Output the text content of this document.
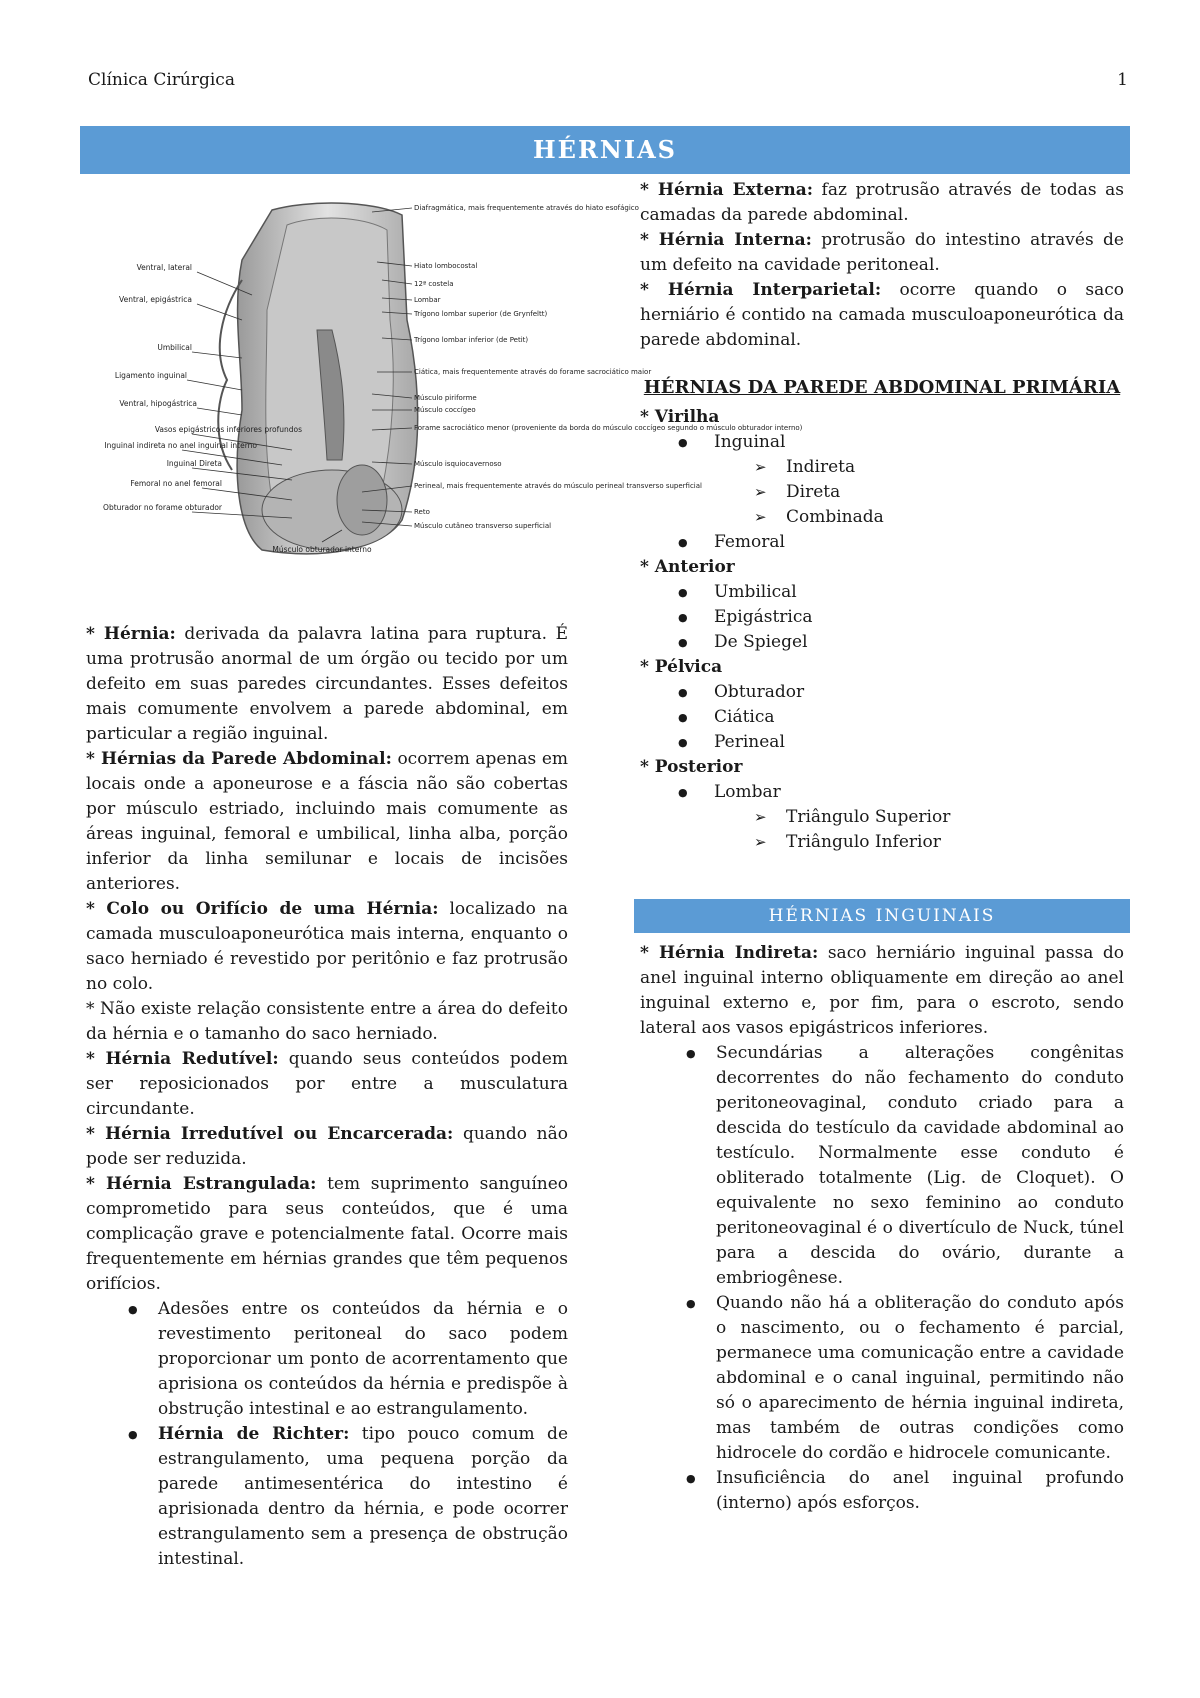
Clínica Cirúrgica	1
HÉRNIAS
Ventral, lateral
Ventral, epigástrica
Umbilical
Ligamento inguinal
Ventral, hipogástrica
Vasos epigástricos inferiores profundos
Inguinal indireta no anel inguinal interno
Inguinal Direta
Femoral no anel femoral
Obturador no forame obturador
Músculo obturador interno
Diafragmática, mais frequentemente através do hiato esofágico
Hiato lombocostal
12ª costela
Lombar
Trígono lombar superior (de Grynfeltt)
Trígono lombar inferior (de Petit)
Ciática, mais frequentemente através do forame sacrociático maior
Músculo piriforme
Músculo coccígeo
Forame sacrociático menor (proveniente da borda do músculo coccígeo segundo o músculo obturador interno)
Músculo isquiocavernoso
Perineal, mais frequentemente através do músculo perineal transverso superficial
Reto
Músculo cutâneo transverso superficial

* Hérnia: derivada da palavra latina para ruptura. É uma protrusão anormal de um órgão ou tecido por um defeito em suas paredes circundantes. Esses defeitos mais comumente envolvem a parede abdominal, em particular a região inguinal.

* Hérnias da Parede Abdominal: ocorrem apenas em locais onde a aponeurose e a fáscia não são cobertas por músculo estriado, incluindo mais comumente as áreas inguinal, femoral e umbilical, linha alba, porção inferior da linha semilunar e locais de incisões anteriores.

* Colo ou Orifício de uma Hérnia: localizado na camada musculoaponeurótica mais interna, enquanto o saco herniado é revestido por peritônio e faz protrusão no colo.

* Não existe relação consistente entre a área do defeito da hérnia e o tamanho do saco herniado.

* Hérnia Redutível: quando seus conteúdos podem ser reposicionados por entre a musculatura circundante.

* Hérnia Irredutível ou Encarcerada: quando não pode ser reduzida.

* Hérnia Estrangulada: tem suprimento sanguíneo comprometido para seus conteúdos, que é uma complicação grave e potencialmente fatal. Ocorre mais frequentemente em hérnias grandes que têm pequenos orifícios.

● Adesões entre os conteúdos da hérnia e o revestimento peritoneal do saco podem proporcionar um ponto de acorrentamento que aprisiona os conteúdos da hérnia e predispõe à obstrução intestinal e ao estrangulamento.
● Hérnia de Richter: tipo pouco comum de estrangulamento, uma pequena porção da parede antimesentérica do intestino é aprisionada dentro da hérnia, e pode ocorrer estrangulamento sem a presença de obstrução intestinal.

* Hérnia Externa: faz protrusão através de todas as camadas da parede abdominal.

* Hérnia Interna: protrusão do intestino através de um defeito na cavidade peritoneal.

* Hérnia Interparietal: ocorre quando o saco herniário é contido na camada musculoaponeurótica da parede abdominal.

HÉRNIAS DA PAREDE ABDOMINAL PRIMÁRIA
* Virilha
● Inguinal
➢ Indireta
➢ Direta
➢ Combinada
● Femoral
* Anterior
● Umbilical
● Epigástrica
● De Spiegel
* Pélvica
● Obturador
● Ciática
● Perineal
* Posterior
● Lombar
➢ Triângulo Superior
➢ Triângulo Inferior
HÉRNIAS INGUINAIS

* Hérnia Indireta: saco herniário inguinal passa do anel inguinal interno obliquamente em direção ao anel inguinal externo e, por fim, para o escroto, sendo lateral aos vasos epigástricos inferiores.

● Secundárias a alterações congênitas decorrentes do não fechamento do conduto peritoneovaginal, conduto criado para a descida do testículo da cavidade abdominal ao testículo. Normalmente esse conduto é obliterado totalmente (Lig. de Cloquet). O equivalente no sexo feminino ao conduto peritoneovaginal é o divertículo de Nuck, túnel para a descida do ovário, durante a embriogênese.
● Quando não há a obliteração do conduto após o nascimento, ou o fechamento é parcial, permanece uma comunicação entre a cavidade abdominal e o canal inguinal, permitindo não só o aparecimento de hérnia inguinal indireta, mas também de outras condições como hidrocele do cordão e hidrocele comunicante.
● Insuficiência do anel inguinal profundo (interno) após esforços.
